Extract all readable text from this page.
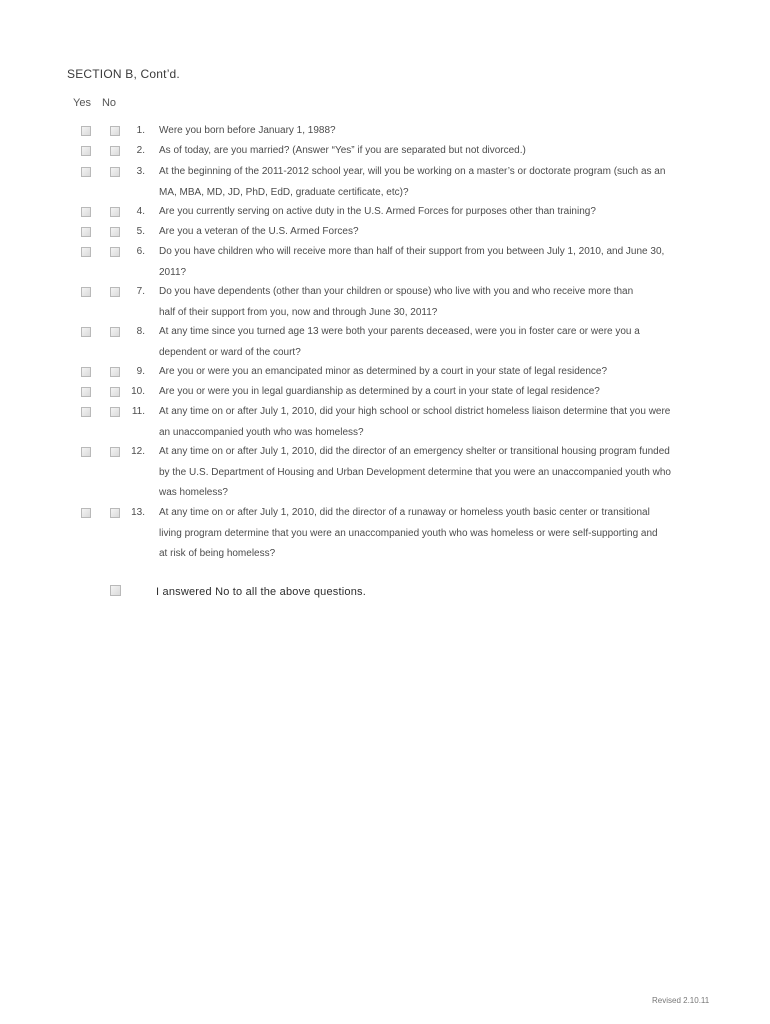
SECTION B, Cont’d.
Yes No
1. Were you born before January 1, 1988?
2. As of today, are you married? (Answer “Yes” if you are separated but not divorced.)
3. At the beginning of the 2011-2012 school year, will you be working on a master’s or doctorate program (such as an MA, MBA, MD, JD, PhD, EdD, graduate certificate, etc)?
4. Are you currently serving on active duty in the U.S. Armed Forces for purposes other than training?
5. Are you a veteran of the U.S. Armed Forces?
6. Do you have children who will receive more than half of their support from you between July 1, 2010, and June 30, 2011?
7. Do you have dependents (other than your children or spouse) who live with you and who receive more than half of their support from you, now and through June 30, 2011?
8. At any time since you turned age 13 were both your parents deceased, were you in foster care or were you a dependent or ward of the court?
9. Are you or were you an emancipated minor as determined by a court in your state of legal residence?
10. Are you or were you in legal guardianship as determined by a court in your state of legal residence?
11. At any time on or after July 1, 2010, did your high school or school district homeless liaison determine that you were an unaccompanied youth who was homeless?
12. At any time on or after July 1, 2010, did the director of an emergency shelter or transitional housing program funded by the U.S. Department of Housing and Urban Development determine that you were an unaccompanied youth who was homeless?
13. At any time on or after July 1, 2010, did the director of a runaway or homeless youth basic center or transitional living program determine that you were an unaccompanied youth who was homeless or were self-supporting and at risk of being homeless?
I answered No to all the above questions.
Revised 2.10.11
